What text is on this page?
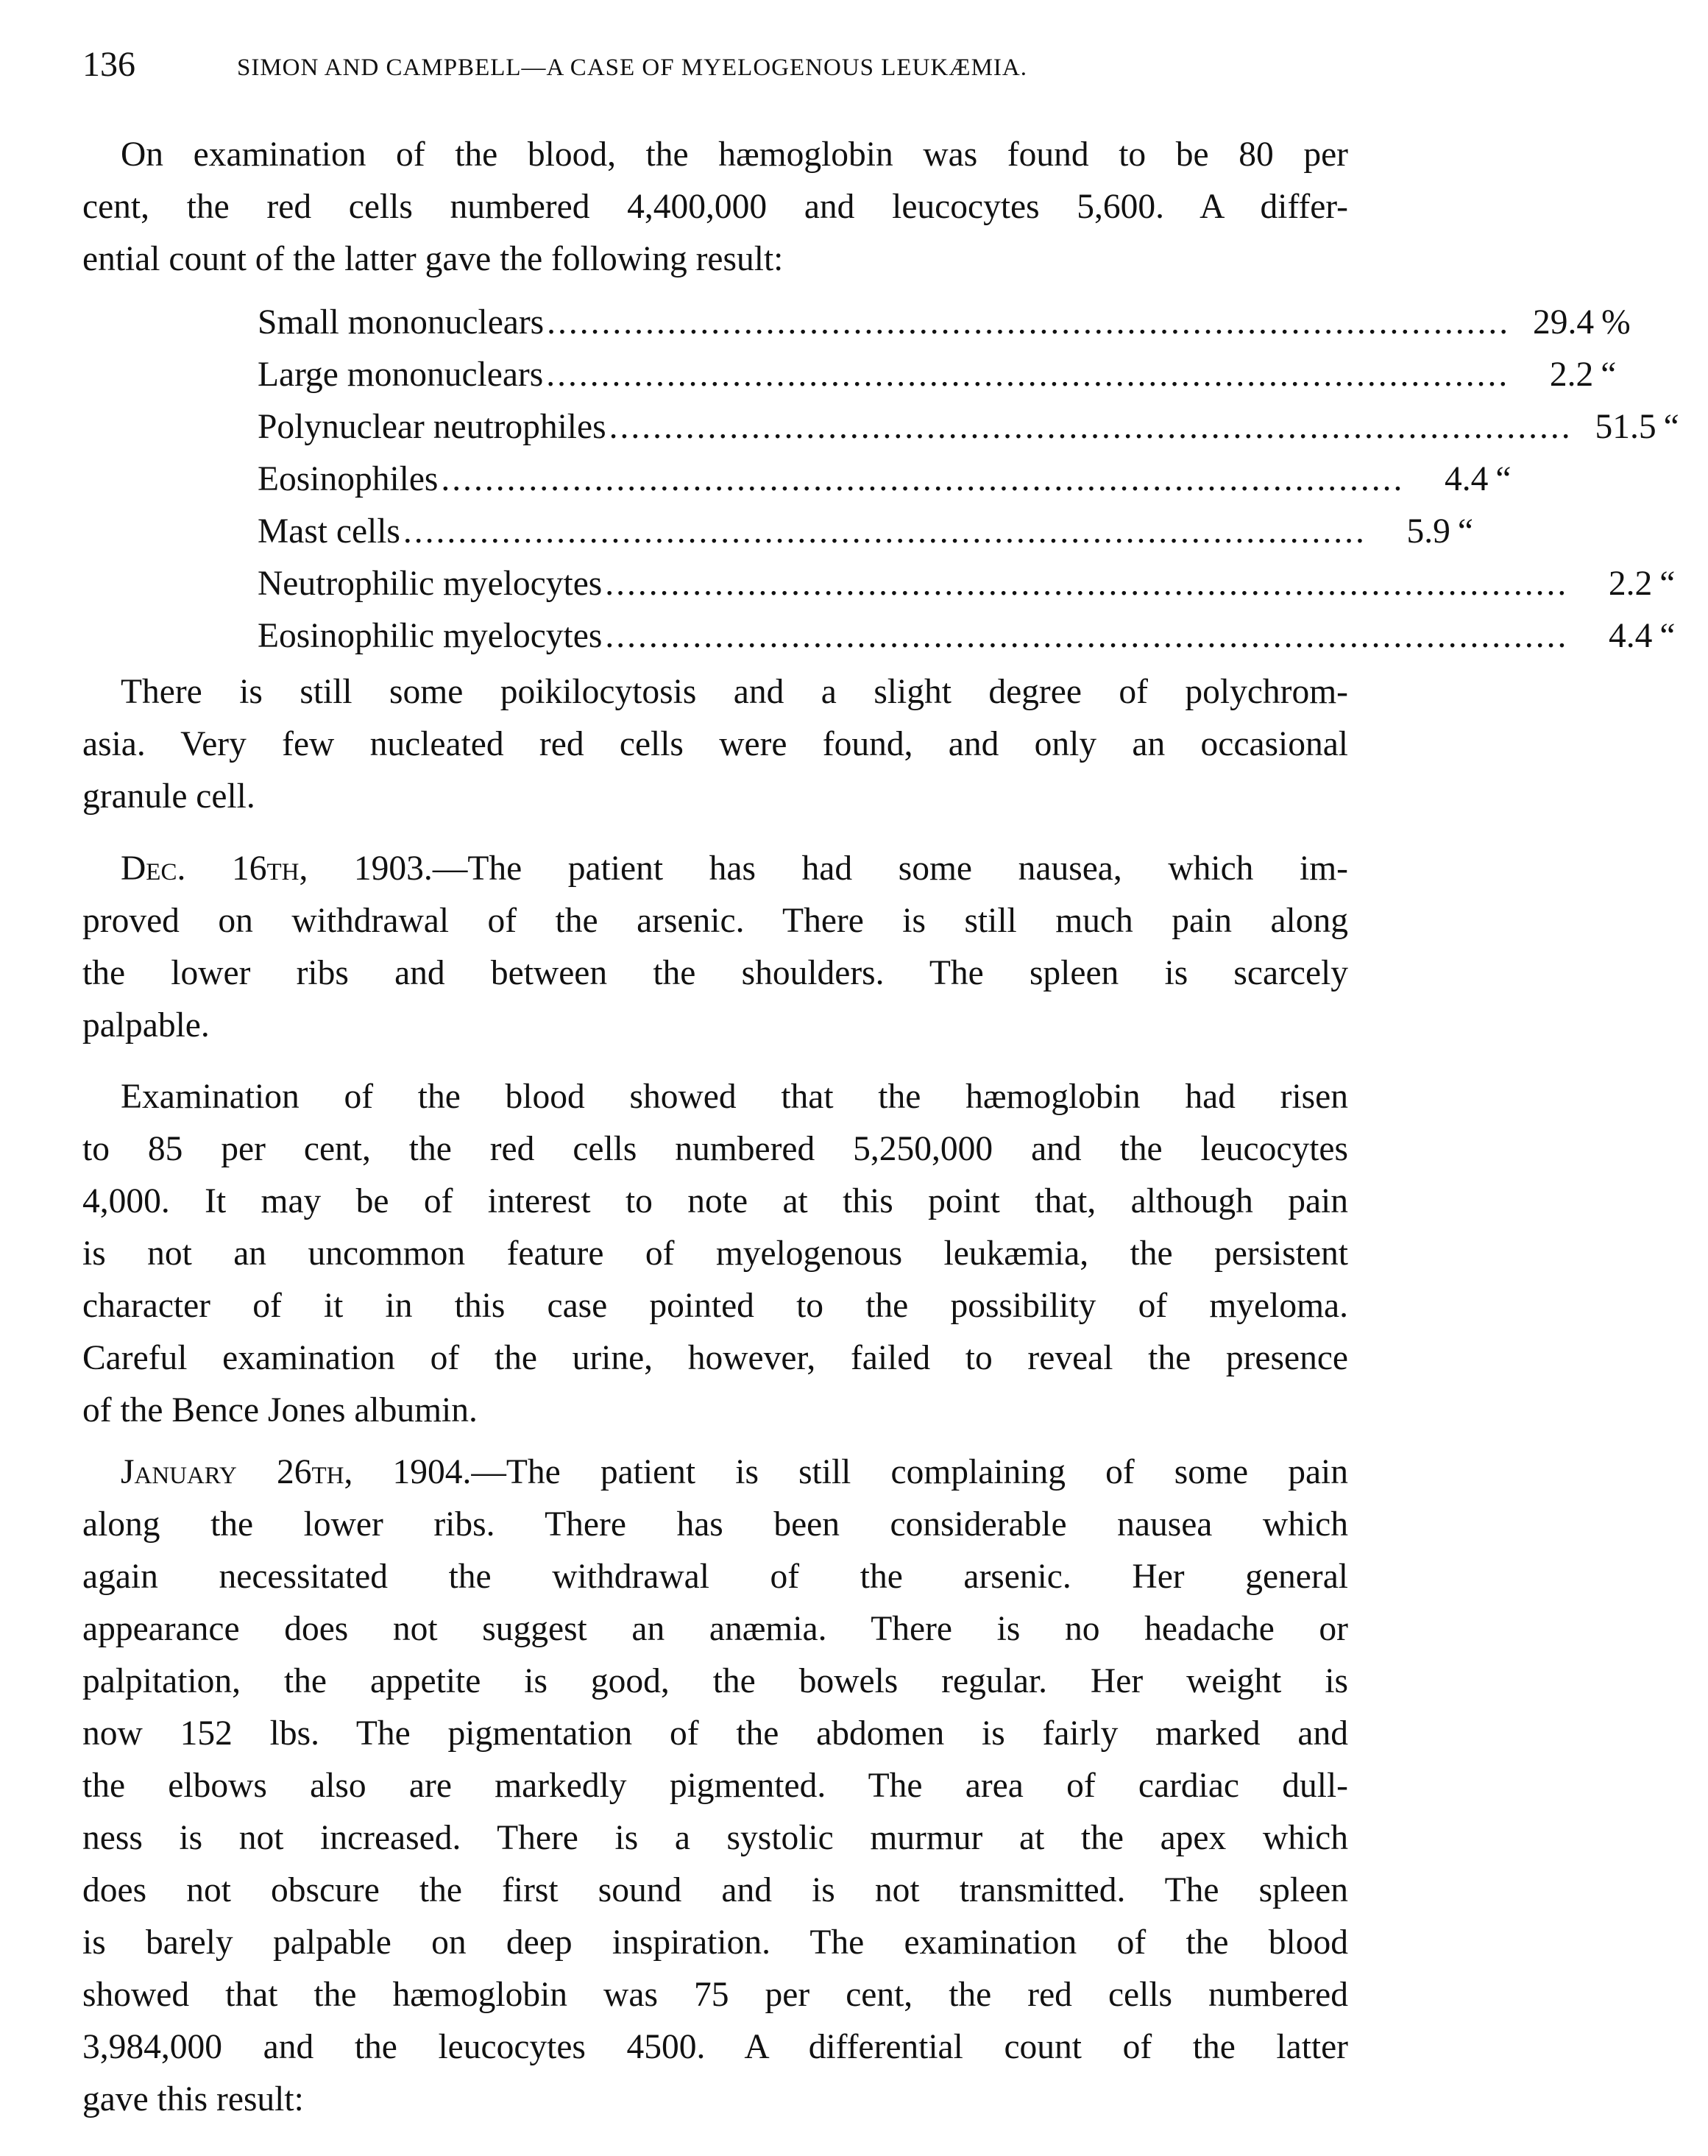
136	SIMON AND CAMPBELL—A CASE OF MYELOGENOUS LEUKÆMIA.

On examination of the blood, the hæmoglobin was found to be 80 per
cent, the red cells numbered 4,400,000 and leucocytes 5,600. A differ-
ential count of the latter gave the following result:

Small mononuclears ........................................................................................ 29.4 %
Large mononuclears ........................................................................................	2.2 “
Polynuclear neutrophiles ........................................................................................ 51.5 “
Eosinophiles ........................................................................................	4.4 “
Mast cells ........................................................................................	5.9 “
Neutrophilic myelocytes ........................................................................................	2.2 “
Eosinophilic myelocytes ........................................................................................	4.4 “

There is still some poikilocytosis and a slight degree of polychrom-
asia. Very few nucleated red cells were found, and only an occasional
granule cell.

Dec. 16th, 1903.—The patient has had some nausea, which im-
proved on withdrawal of the arsenic. There is still much pain along
the lower ribs and between the shoulders. The spleen is scarcely
palpable.

Examination of the blood showed that the hæmoglobin had risen
to 85 per cent, the red cells numbered 5,250,000 and the leucocytes
4,000. It may be of interest to note at this point that, although pain
is not an uncommon feature of myelogenous leukæmia, the persistent
character of it in this case pointed to the possibility of myeloma.
Careful examination of the urine, however, failed to reveal the presence
of the Bence Jones albumin.

January 26th, 1904.—The patient is still complaining of some pain
along the lower ribs. There has been considerable nausea which
again necessitated the withdrawal of the arsenic. Her general
appearance does not suggest an anæmia. There is no headache or
palpitation, the appetite is good, the bowels regular. Her weight is
now 152 lbs. The pigmentation of the abdomen is fairly marked and
the elbows also are markedly pigmented. The area of cardiac dull-
ness is not increased. There is a systolic murmur at the apex which
does not obscure the first sound and is not transmitted. The spleen
is barely palpable on deep inspiration. The examination of the blood
showed that the hæmoglobin was 75 per cent, the red cells numbered
3,984,000 and the leucocytes 4500. A differential count of the latter
gave this result:
